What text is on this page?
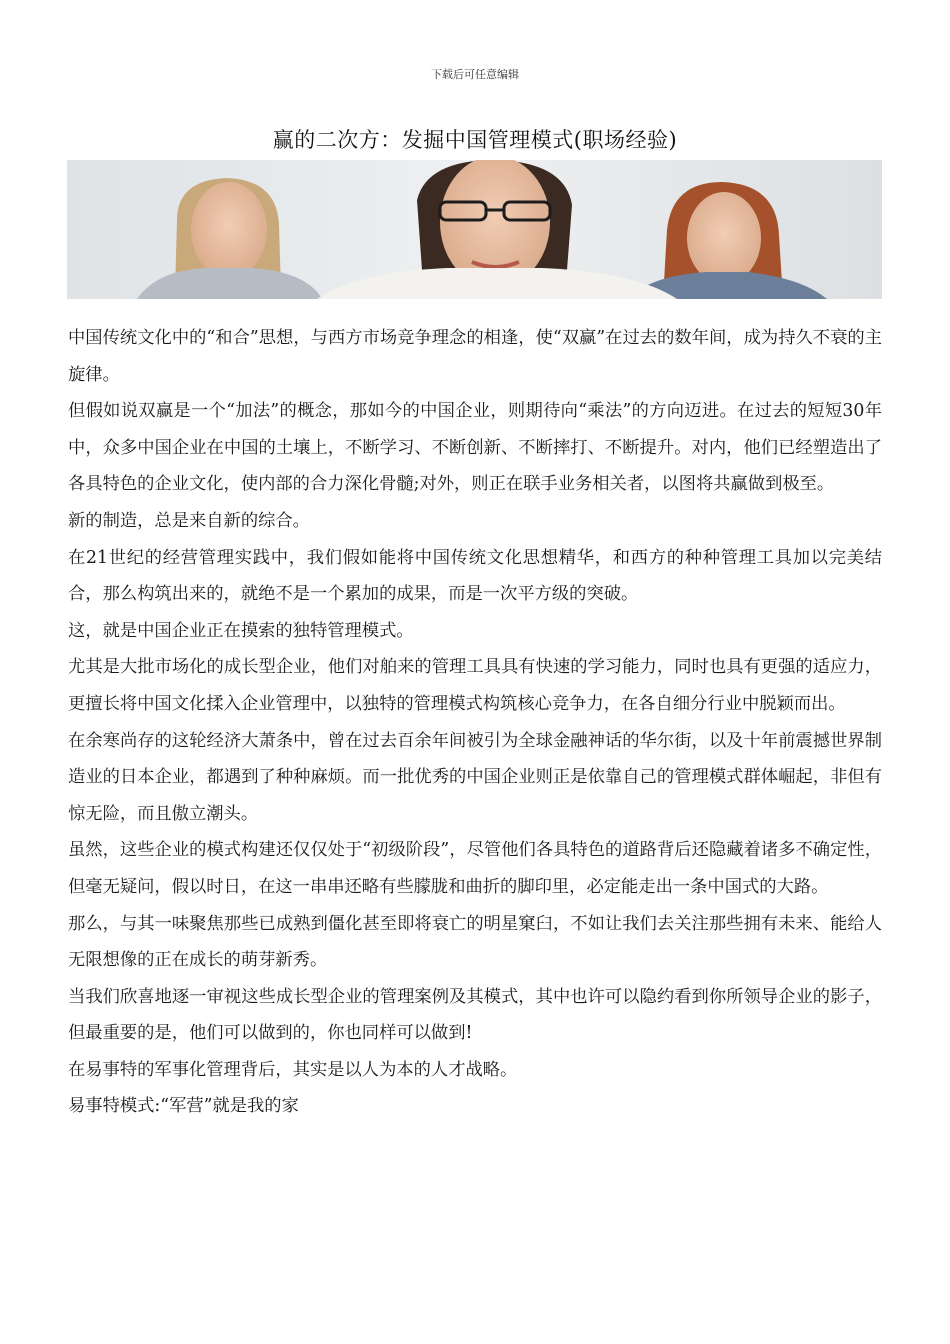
下载后可任意编辑
赢的二次方：发掘中国管理模式(职场经验)

中国传统文化中的“和合”思想，与西方市场竞争理念的相逢，使“双赢”在过去的数年间，成为持久不衰的主旋律。

但假如说双赢是一个“加法”的概念，那如今的中国企业，则期待向“乘法”的方向迈进。在过去的短短30年中，众多中国企业在中国的土壤上，不断学习、不断创新、不断摔打、不断提升。对内，他们已经塑造出了各具特色的企业文化，使内部的合力深化骨髓;对外，则正在联手业务相关者，以图将共赢做到极至。

新的制造，总是来自新的综合。

在21世纪的经营管理实践中，我们假如能将中国传统文化思想精华，和西方的种种管理工具加以完美结合，那么构筑出来的，就绝不是一个累加的成果，而是一次平方级的突破。

这，就是中国企业正在摸索的独特管理模式。

尤其是大批市场化的成长型企业，他们对舶来的管理工具具有快速的学习能力，同时也具有更强的适应力，更擅长将中国文化揉入企业管理中，以独特的管理模式构筑核心竞争力，在各自细分行业中脱颖而出。

在余寒尚存的这轮经济大萧条中，曾在过去百余年间被引为全球金融神话的华尔街，以及十年前震撼世界制造业的日本企业，都遇到了种种麻烦。而一批优秀的中国企业则正是依靠自己的管理模式群体崛起，非但有惊无险，而且傲立潮头。

虽然，这些企业的模式构建还仅仅处于“初级阶段”，尽管他们各具特色的道路背后还隐藏着诸多不确定性，但毫无疑问，假以时日，在这一串串还略有些朦胧和曲折的脚印里，必定能走出一条中国式的大路。

那么，与其一味聚焦那些已成熟到僵化甚至即将衰亡的明星窠臼，不如让我们去关注那些拥有未来、能给人无限想像的正在成长的萌芽新秀。

当我们欣喜地逐一审视这些成长型企业的管理案例及其模式，其中也许可以隐约看到你所领导企业的影子，但最重要的是，他们可以做到的，你也同样可以做到!

在易事特的军事化管理背后，其实是以人为本的人才战略。

易事特模式:“军营”就是我的家
